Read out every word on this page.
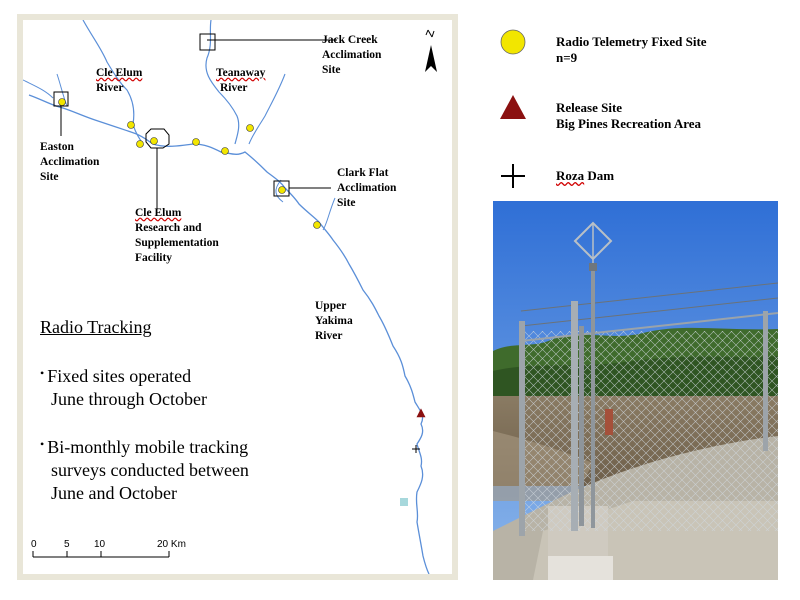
Jack Creek
Acclimation
Site
Cle Elum
River
Teanaway
River
Easton
Acclimation
Site	Clark Flat
Acclimation
Site
Cle Elum
Research and
Supplementation
Facility
Upper
Yakima
River
Radio Tracking
• Fixed sites operated
June through October
• Bi-monthly mobile tracking
surveys conducted between
June and October
0	5 10	20 Km
Radio Telemetry Fixed Site
n=9
Release Site
Big Pines Recreation Area
Roza Dam
